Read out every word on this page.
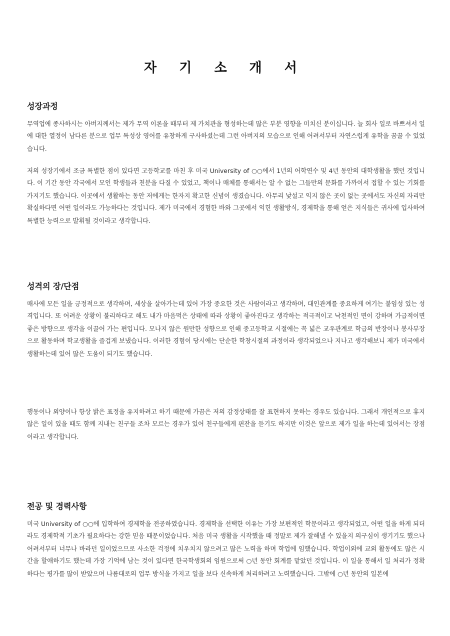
자 기 소 개 서
성장과정

무역업에 종사하시는 아버지께서는 제가 무역 이론을 때부터 제 가치관을 형성하는데 많은 부분 영향을 미치신 분이십니다. 늘 회사 일로 바쁘셔서 일에 대한 열정이 남다른 분으로 업무 특성상 영어를 유창하게 구사하셨는데 그런 아버지의 모습으로 인해 어려서부터 자연스럽게 유학을 꿈꿀 수 있었습니다.

저의 성장기에서 조금 특별한 점이 있다면 고등학교를 마친 후 미국 University of ○○에서 1년의 어학연수 및 4년 동안의 대학생활을 했던 것입니다. 이 기간 동안 각국에서 모인 학생들과 친분을 다질 수 있었고, 책이나 매체를 통해서는 알 수 없는 그들만의 문화를 가까이서 접할 수 있는 기회를 가지기도 했습니다. 이곳에서 생활하는 동안 저에게는 한자지 확고한 신념이 생겼습니다. 아무리 낯설고 익지 않은 곳이 없는 곳에서도 자신의 자리만 확실하다면 어떤 일이라도 가능하다는 것입니다. 제가 미국에서 경험한 바와 그곳에서 익힌 생활방식, 경제학을 통해 얻은 지식들은 귀사에 입사하여 특별한 능력으로 발휘될 것이라고 생각합니다.

성격의 장/단점

매사에 모든 일을 긍정적으로 생각하며, 세상을 살아가는데 있어 가장 중요한 것은 사람이라고 생각하며, 대인관계를 중요하게 여기는 붙임성 있는 성격입니다. 또 어려운 상황이 불리하다고 해도 내가 마음먹은 상태에 따라 상황이 좋아진다고 생각하는 적극적이고 낙천적인 면이 강하며 가급적이면 좋은 방향으로 생각을 이끌어 가는 편입니다. 모나지 않은 원만한 성향으로 인해 중고등학교 시절에는 꼭 넓은 교우관계로 학급의 반장이나 봉사부장으로 활동하며 학교생활을 즐겁게 보냈습니다. 이러한 경험이 당시에는 단순한 학창시절의 과정이라 생각되었으나 지나고 생각해보니 제가 미국에서 생활하는데 있어 많은 도움이 되기도 했습니다.

행동이나 외양이나 항상 밝은 표정을 유지하려고 하기 때문에 가끔은 저의 감정상태를 잘 표현하지 못하는 경우도 있습니다. 그래서 개인적으로 휴지 않은 일이 있을 때도 함께 지내는 친구들 조차 모르는 경우가 있어 친구들에게 핀잔을 듣기도 하지만 이것은 앞으로 제가 일을 하는데 있어서는 장점이라고 생각합니다.

전공 및 경력사항

미국 University of ○○에 입학하여 경제학을 전공하였습니다. 경제학을 선택한 이유는 가장 보편적인 학문이라고 생각되었고, 어떤 일을 하게 되더라도 경제학적 기초가 필요하다는 강한 믿음 때문이었습니다. 처음 미국 생활을 시작했을 때 정말로 제가 잘해낼 수 있을지 의구심이 생기기도 했으나 어려서부터 너무나 바라던 일이었으므로 사소한 걱정에 치우치지 않으려고 많은 노력을 하며 학업에 임했습니다. 학업이외에 교외 활동에도 많은 시간을 할애하기도 했는데 가장 기억에 남는 것이 있다면 한국학생회의 임원으로써 ○년 동안 회계를 맡았던 것입니다. 이 일을 통해서 일 처리가 정확하다는 평가를 많이 받았으며 나름대로의 업무 방식을 가지고 일을 보다 신속하게 처리하려고 노력했습니다. 그밖에 ○년 동안의 일본에
